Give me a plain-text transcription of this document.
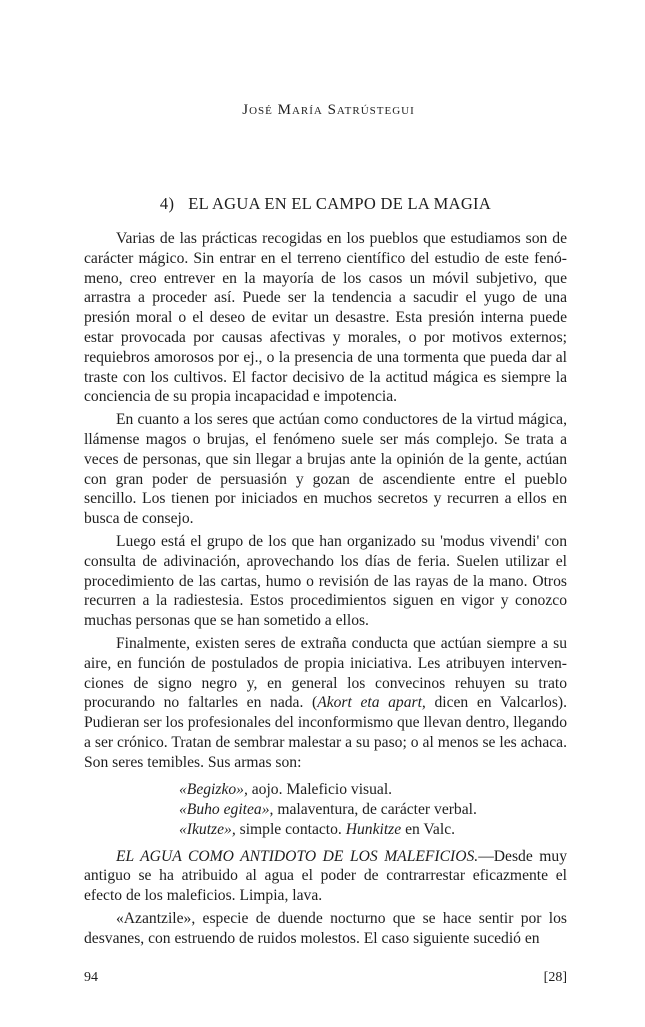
José María Satrústegui
4) EL AGUA EN EL CAMPO DE LA MAGIA

Varias de las prácticas recogidas en los pueblos que estudiamos son de carácter mágico. Sin entrar en el terreno científico del estudio de este fenómeno, creo entrever en la mayoría de los casos un móvil subjetivo, que arrastra a proceder así. Puede ser la tendencia a sacudir el yugo de una presión moral o el deseo de evitar un desastre. Esta presión interna puede estar provocada por causas afectivas y morales, o por motivos externos; requiebros amorosos por ej., o la presencia de una tormenta que pueda dar al traste con los cultivos. El factor decisivo de la actitud mágica es siempre la conciencia de su propia incapacidad e impotencia.

En cuanto a los seres que actúan como conductores de la virtud mágica, llámense magos o brujas, el fenómeno suele ser más complejo. Se trata a veces de personas, que sin llegar a brujas ante la opinión de la gente, actúan con gran poder de persuasión y gozan de ascendiente entre el pueblo sencillo. Los tienen por iniciados en muchos secretos y recurren a ellos en busca de consejo.

Luego está el grupo de los que han organizado su 'modus vivendi' con consulta de adivinación, aprovechando los días de feria. Suelen utilizar el procedimiento de las cartas, humo o revisión de las rayas de la mano. Otros recurren a la radiestesia. Estos procedimientos siguen en vigor y conozco muchas personas que se han sometido a ellos.

Finalmente, existen seres de extraña conducta que actúan siempre a su aire, en función de postulados de propia iniciativa. Les atribuyen intervenciones de signo negro y, en general los convecinos rehuyen su trato procurando no faltarles en nada. (Akort eta apart, dicen en Valcarlos). Pudieran ser los profesionales del inconformismo que llevan dentro, llegando a ser crónico. Tratan de sembrar malestar a su paso; o al menos se les achaca. Son seres temibles. Sus armas son:

«Begizko», aojo. Maleficio visual.
«Buho egitea», malaventura, de carácter verbal.
«Ikutze», simple contacto. Hunkitze en Valc.

EL AGUA COMO ANTIDOTO DE LOS MALEFICIOS.—Desde muy antiguo se ha atribuido al agua el poder de contrarrestar eficazmente el efecto de los maleficios. Limpia, lava.

«Azantzile», especie de duende nocturno que se hace sentir por los desvanes, con estruendo de ruidos molestos. El caso siguiente sucedió en

94	[28]
